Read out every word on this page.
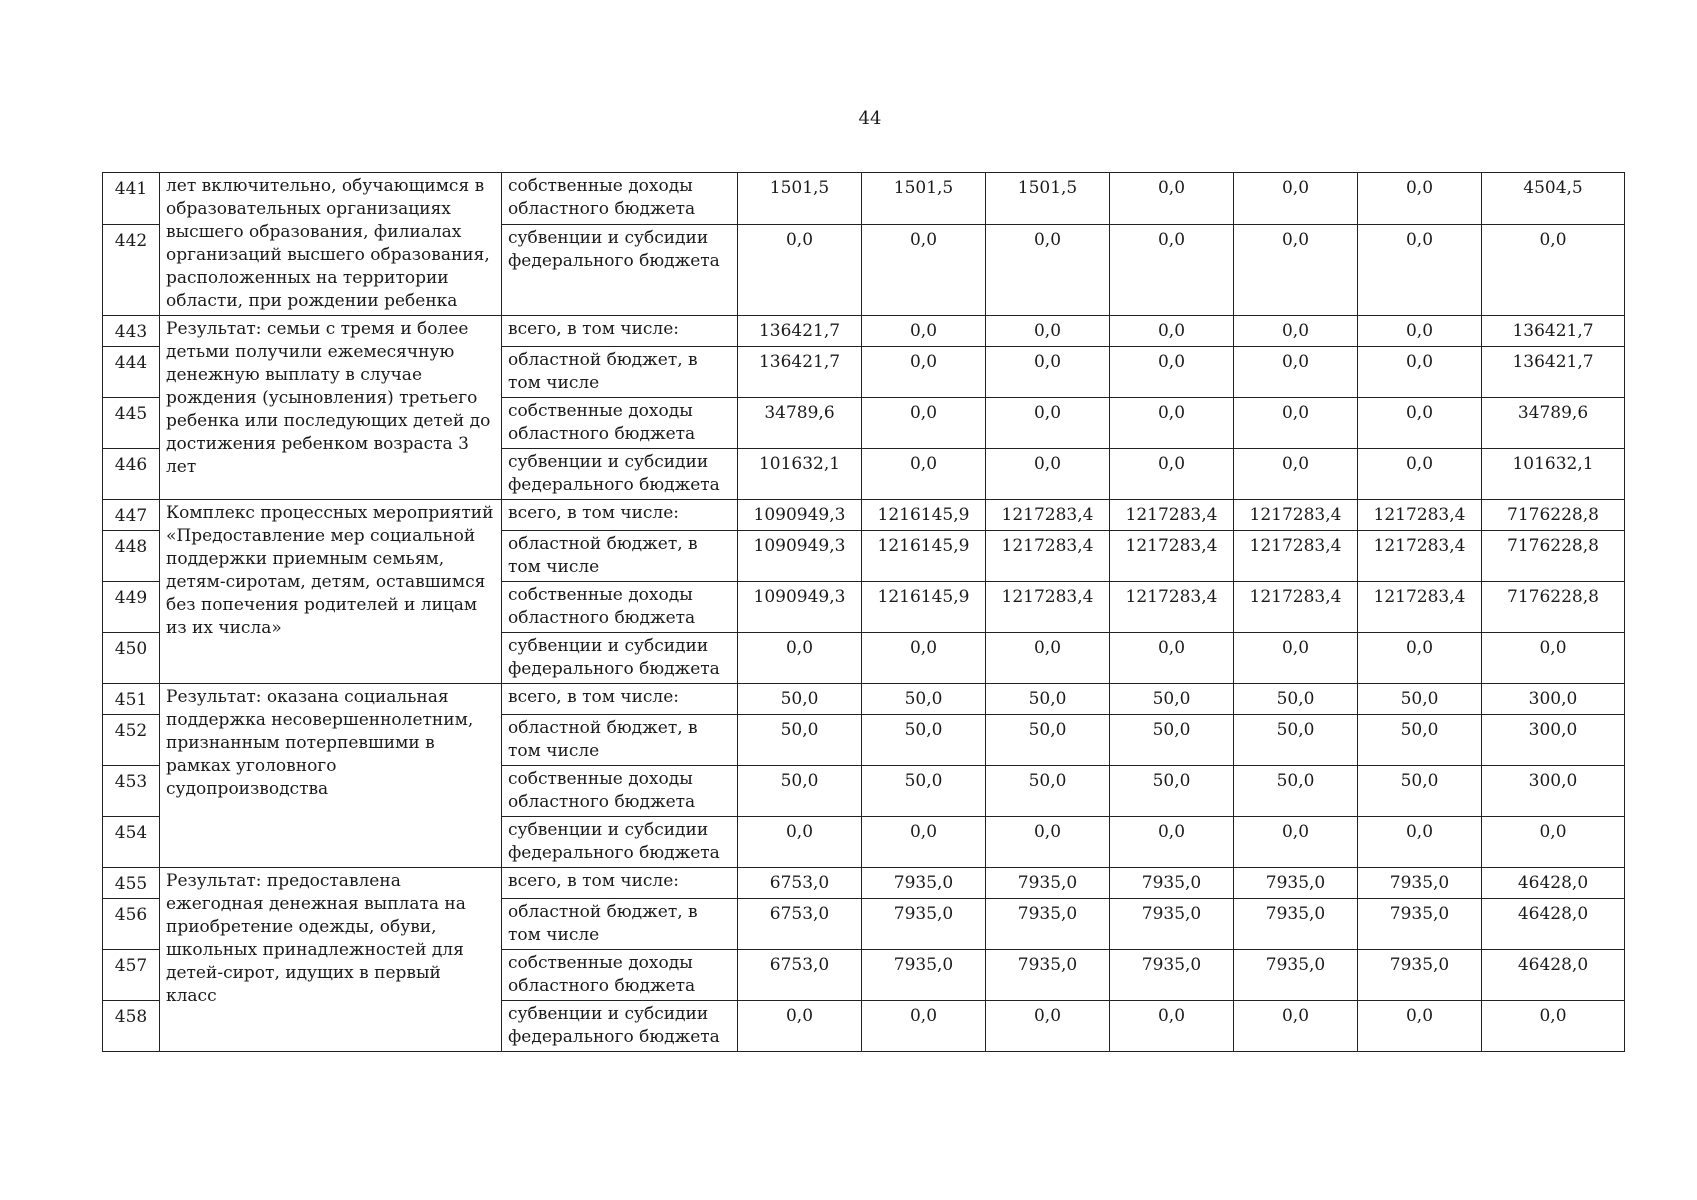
44
441	лет включительно, обучающимся в образовательных организациях высшего образования, филиалах организаций высшего образования, расположенных на территории области, при рождении ребенка	собственные доходы областного бюджета	1501,5	1501,5	1501,5	0,0	0,0	0,0	4504,5
442		субвенции и субсидии федерального бюджета	0,0	0,0	0,0	0,0	0,0	0,0	0,0
443	Результат: семьи с тремя и более детьми получили ежемесячную денежную выплату в случае рождения (усыновления) третьего ребенка или последующих детей до достижения ребенком возраста 3 лет	всего, в том числе:	136421,7	0,0	0,0	0,0	0,0	0,0	136421,7
444		областной бюджет, в том числе	136421,7	0,0	0,0	0,0	0,0	0,0	136421,7
445		собственные доходы областного бюджета	34789,6	0,0	0,0	0,0	0,0	0,0	34789,6
446		субвенции и субсидии федерального бюджета	101632,1	0,0	0,0	0,0	0,0	0,0	101632,1
447	Комплекс процессных мероприятий «Предоставление мер социальной поддержки приемным семьям, детям-сиротам, детям, оставшимся без попечения родителей и лицам из их числа»	всего, в том числе:	1090949,3	1216145,9	1217283,4	1217283,4	1217283,4	1217283,4	7176228,8
448		областной бюджет, в том числе	1090949,3	1216145,9	1217283,4	1217283,4	1217283,4	1217283,4	7176228,8
449		собственные доходы областного бюджета	1090949,3	1216145,9	1217283,4	1217283,4	1217283,4	1217283,4	7176228,8
450		субвенции и субсидии федерального бюджета	0,0	0,0	0,0	0,0	0,0	0,0	0,0
451	Результат: оказана социальная поддержка несовершеннолетним, признанным потерпевшими в рамках уголовного судопроизводства	всего, в том числе:	50,0	50,0	50,0	50,0	50,0	50,0	300,0
452		областной бюджет, в том числе	50,0	50,0	50,0	50,0	50,0	50,0	300,0
453		собственные доходы областного бюджета	50,0	50,0	50,0	50,0	50,0	50,0	300,0
454		субвенции и субсидии федерального бюджета	0,0	0,0	0,0	0,0	0,0	0,0	0,0
455	Результат: предоставлена ежегодная денежная выплата на приобретение одежды, обуви, школьных принадлежностей для детей-сирот, идущих в первый класс	всего, в том числе:	6753,0	7935,0	7935,0	7935,0	7935,0	7935,0	46428,0
456		областной бюджет, в том числе	6753,0	7935,0	7935,0	7935,0	7935,0	7935,0	46428,0
457		собственные доходы областного бюджета	6753,0	7935,0	7935,0	7935,0	7935,0	7935,0	46428,0
458		субвенции и субсидии федерального бюджета	0,0	0,0	0,0	0,0	0,0	0,0	0,0
